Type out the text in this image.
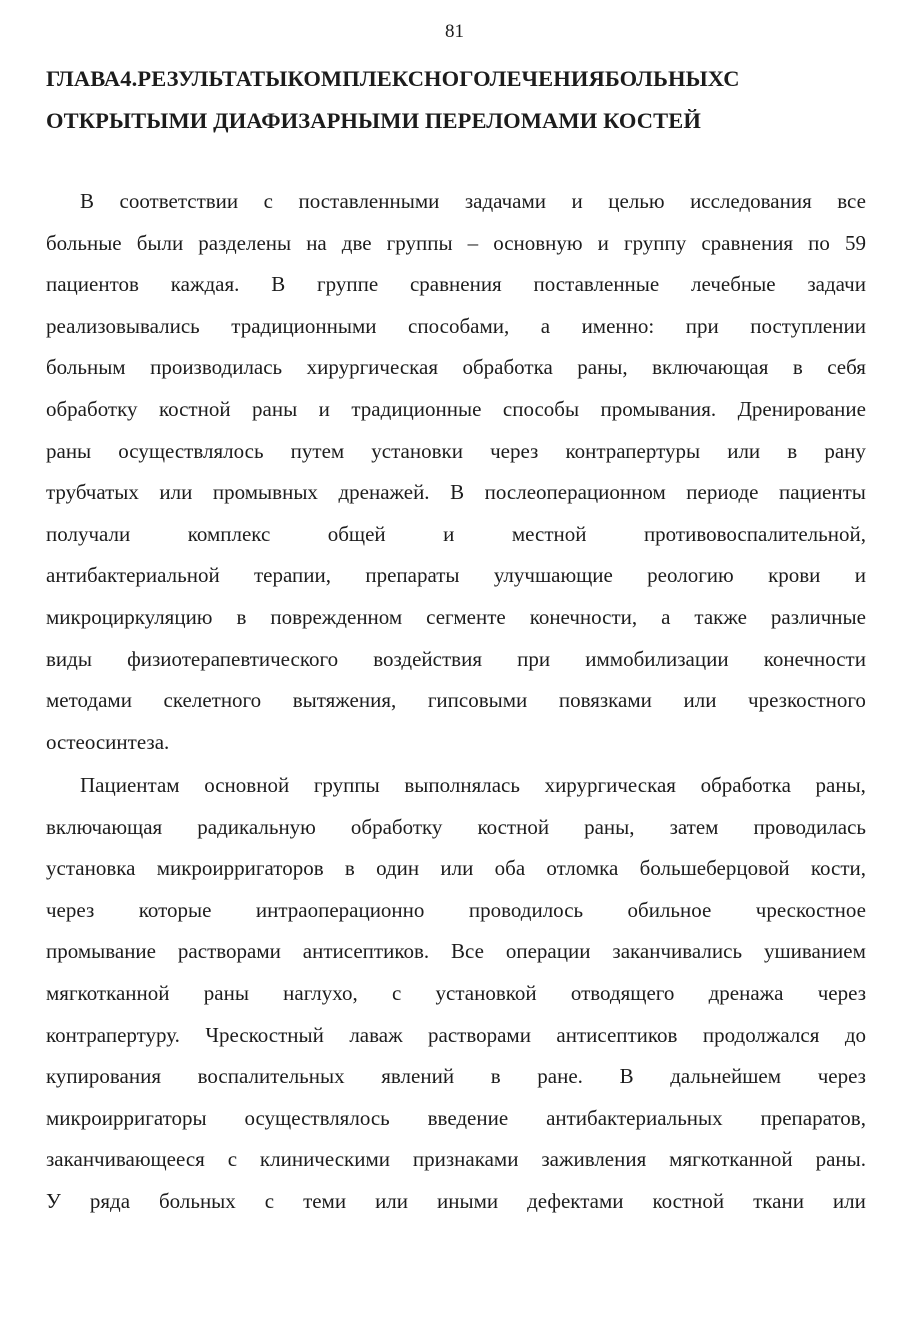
81
ГЛАВА4.РЕЗУЛЬТАТЫКОМПЛЕКСНОГОЛЕЧЕНИЯБОЛЬНЫХС
ОТКРЫТЫМИ ДИАФИЗАРНЫМИ ПЕРЕЛОМАМИ КОСТЕЙ
В соответствии с поставленными задачами и целью исследования все
больные были разделены на две группы – основную и группу сравнения по 59
пациентов каждая. В группе сравнения поставленные лечебные задачи
реализовывались традиционными способами, а именно: при поступлении
больным производилась хирургическая обработка раны, включающая в себя
обработку костной раны и традиционные способы промывания. Дренирование
раны осуществлялось путем установки через контрапертуры или в рану
трубчатых или промывных дренажей. В послеоперационном периоде пациенты
получали	комплекс	общей	и	местной	противовоспалительной,
антибактериальной терапии, препараты улучшающие реологию крови и
микроциркуляцию в поврежденном сегменте конечности, а также различные
виды физиотерапевтического воздействия при иммобилизации конечности
методами скелетного вытяжения, гипсовыми повязками или чрезкостного
остеосинтеза.
Пациентам основной группы выполнялась хирургическая обработка раны,
включающая радикальную обработку костной раны, затем проводилась
установка микроирригаторов в один или оба отломка большеберцовой кости,
через которые интраоперационно проводилось обильное чрескостное
промывание растворами антисептиков. Все операции заканчивались ушиванием
мягкотканной раны наглухо, с установкой отводящего дренажа через
контрапертуру. Чрескостный лаваж растворами антисептиков продолжался до
купирования воспалительных явлений в ране. В дальнейшем через
микроирригаторы осуществлялось введение антибактериальных препаратов,
заканчивающееся с клиническими признаками заживления мягкотканной раны.
У ряда больных с теми или иными дефектами костной ткани или
